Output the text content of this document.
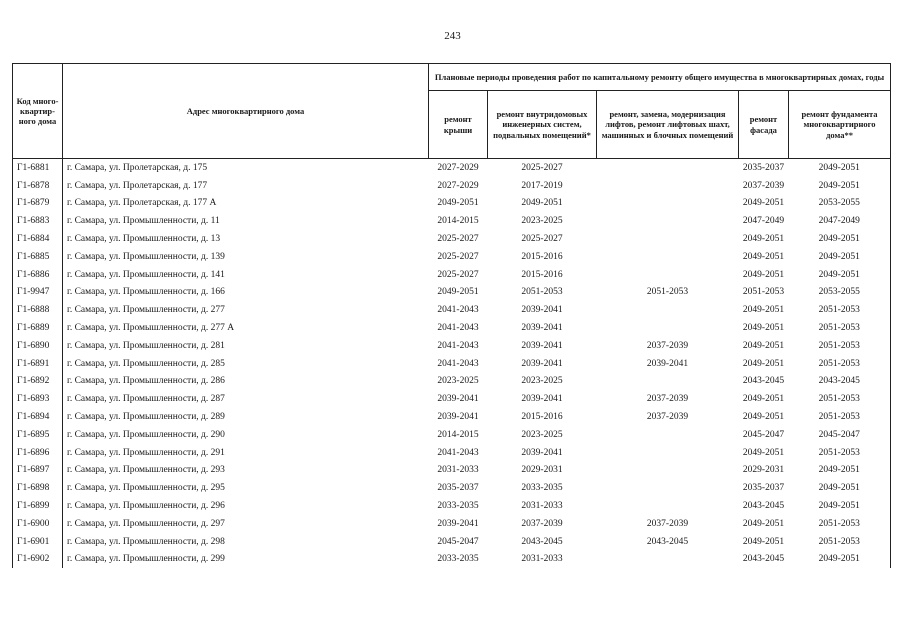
243
Код много-квартир-ного дома	Адрес многоквартирного дома	Плановые периоды проведения работ по капитальному ремонту общего имущества в многоквартирных домах, годы				
		ремонт крыши	ремонт внутридомовых инженерных систем, подвальных помещений*	ремонт, замена, модернизация лифтов, ремонт лифтовых шахт, машинных и блочных помещений	ремонт фасада	ремонт фундамента многоквартирного дома**
Г1-6881	г. Самара, ул. Пролетарская, д. 175	2027-2029	2025-2027		2035-2037	2049-2051
Г1-6878	г. Самара, ул. Пролетарская, д. 177	2027-2029	2017-2019		2037-2039	2049-2051
Г1-6879	г. Самара, ул. Пролетарская, д. 177 А	2049-2051	2049-2051		2049-2051	2053-2055
Г1-6883	г. Самара, ул. Промышленности, д. 11	2014-2015	2023-2025		2047-2049	2047-2049
Г1-6884	г. Самара, ул. Промышленности, д. 13	2025-2027	2025-2027		2049-2051	2049-2051
Г1-6885	г. Самара, ул. Промышленности, д. 139	2025-2027	2015-2016		2049-2051	2049-2051
Г1-6886	г. Самара, ул. Промышленности, д. 141	2025-2027	2015-2016		2049-2051	2049-2051
Г1-9947	г. Самара, ул. Промышленности, д. 166	2049-2051	2051-2053	2051-2053	2051-2053	2053-2055
Г1-6888	г. Самара, ул. Промышленности, д. 277	2041-2043	2039-2041		2049-2051	2051-2053
Г1-6889	г. Самара, ул. Промышленности, д. 277 А	2041-2043	2039-2041		2049-2051	2051-2053
Г1-6890	г. Самара, ул. Промышленности, д. 281	2041-2043	2039-2041	2037-2039	2049-2051	2051-2053
Г1-6891	г. Самара, ул. Промышленности, д. 285	2041-2043	2039-2041	2039-2041	2049-2051	2051-2053
Г1-6892	г. Самара, ул. Промышленности, д. 286	2023-2025	2023-2025		2043-2045	2043-2045
Г1-6893	г. Самара, ул. Промышленности, д. 287	2039-2041	2039-2041	2037-2039	2049-2051	2051-2053
Г1-6894	г. Самара, ул. Промышленности, д. 289	2039-2041	2015-2016	2037-2039	2049-2051	2051-2053
Г1-6895	г. Самара, ул. Промышленности, д. 290	2014-2015	2023-2025		2045-2047	2045-2047
Г1-6896	г. Самара, ул. Промышленности, д. 291	2041-2043	2039-2041		2049-2051	2051-2053
Г1-6897	г. Самара, ул. Промышленности, д. 293	2031-2033	2029-2031		2029-2031	2049-2051
Г1-6898	г. Самара, ул. Промышленности, д. 295	2035-2037	2033-2035		2035-2037	2049-2051
Г1-6899	г. Самара, ул. Промышленности, д. 296	2033-2035	2031-2033		2043-2045	2049-2051
Г1-6900	г. Самара, ул. Промышленности, д. 297	2039-2041	2037-2039	2037-2039	2049-2051	2051-2053
Г1-6901	г. Самара, ул. Промышленности, д. 298	2045-2047	2043-2045	2043-2045	2049-2051	2051-2053
Г1-6902	г. Самара, ул. Промышленности, д. 299	2033-2035	2031-2033		2043-2045	2049-2051
